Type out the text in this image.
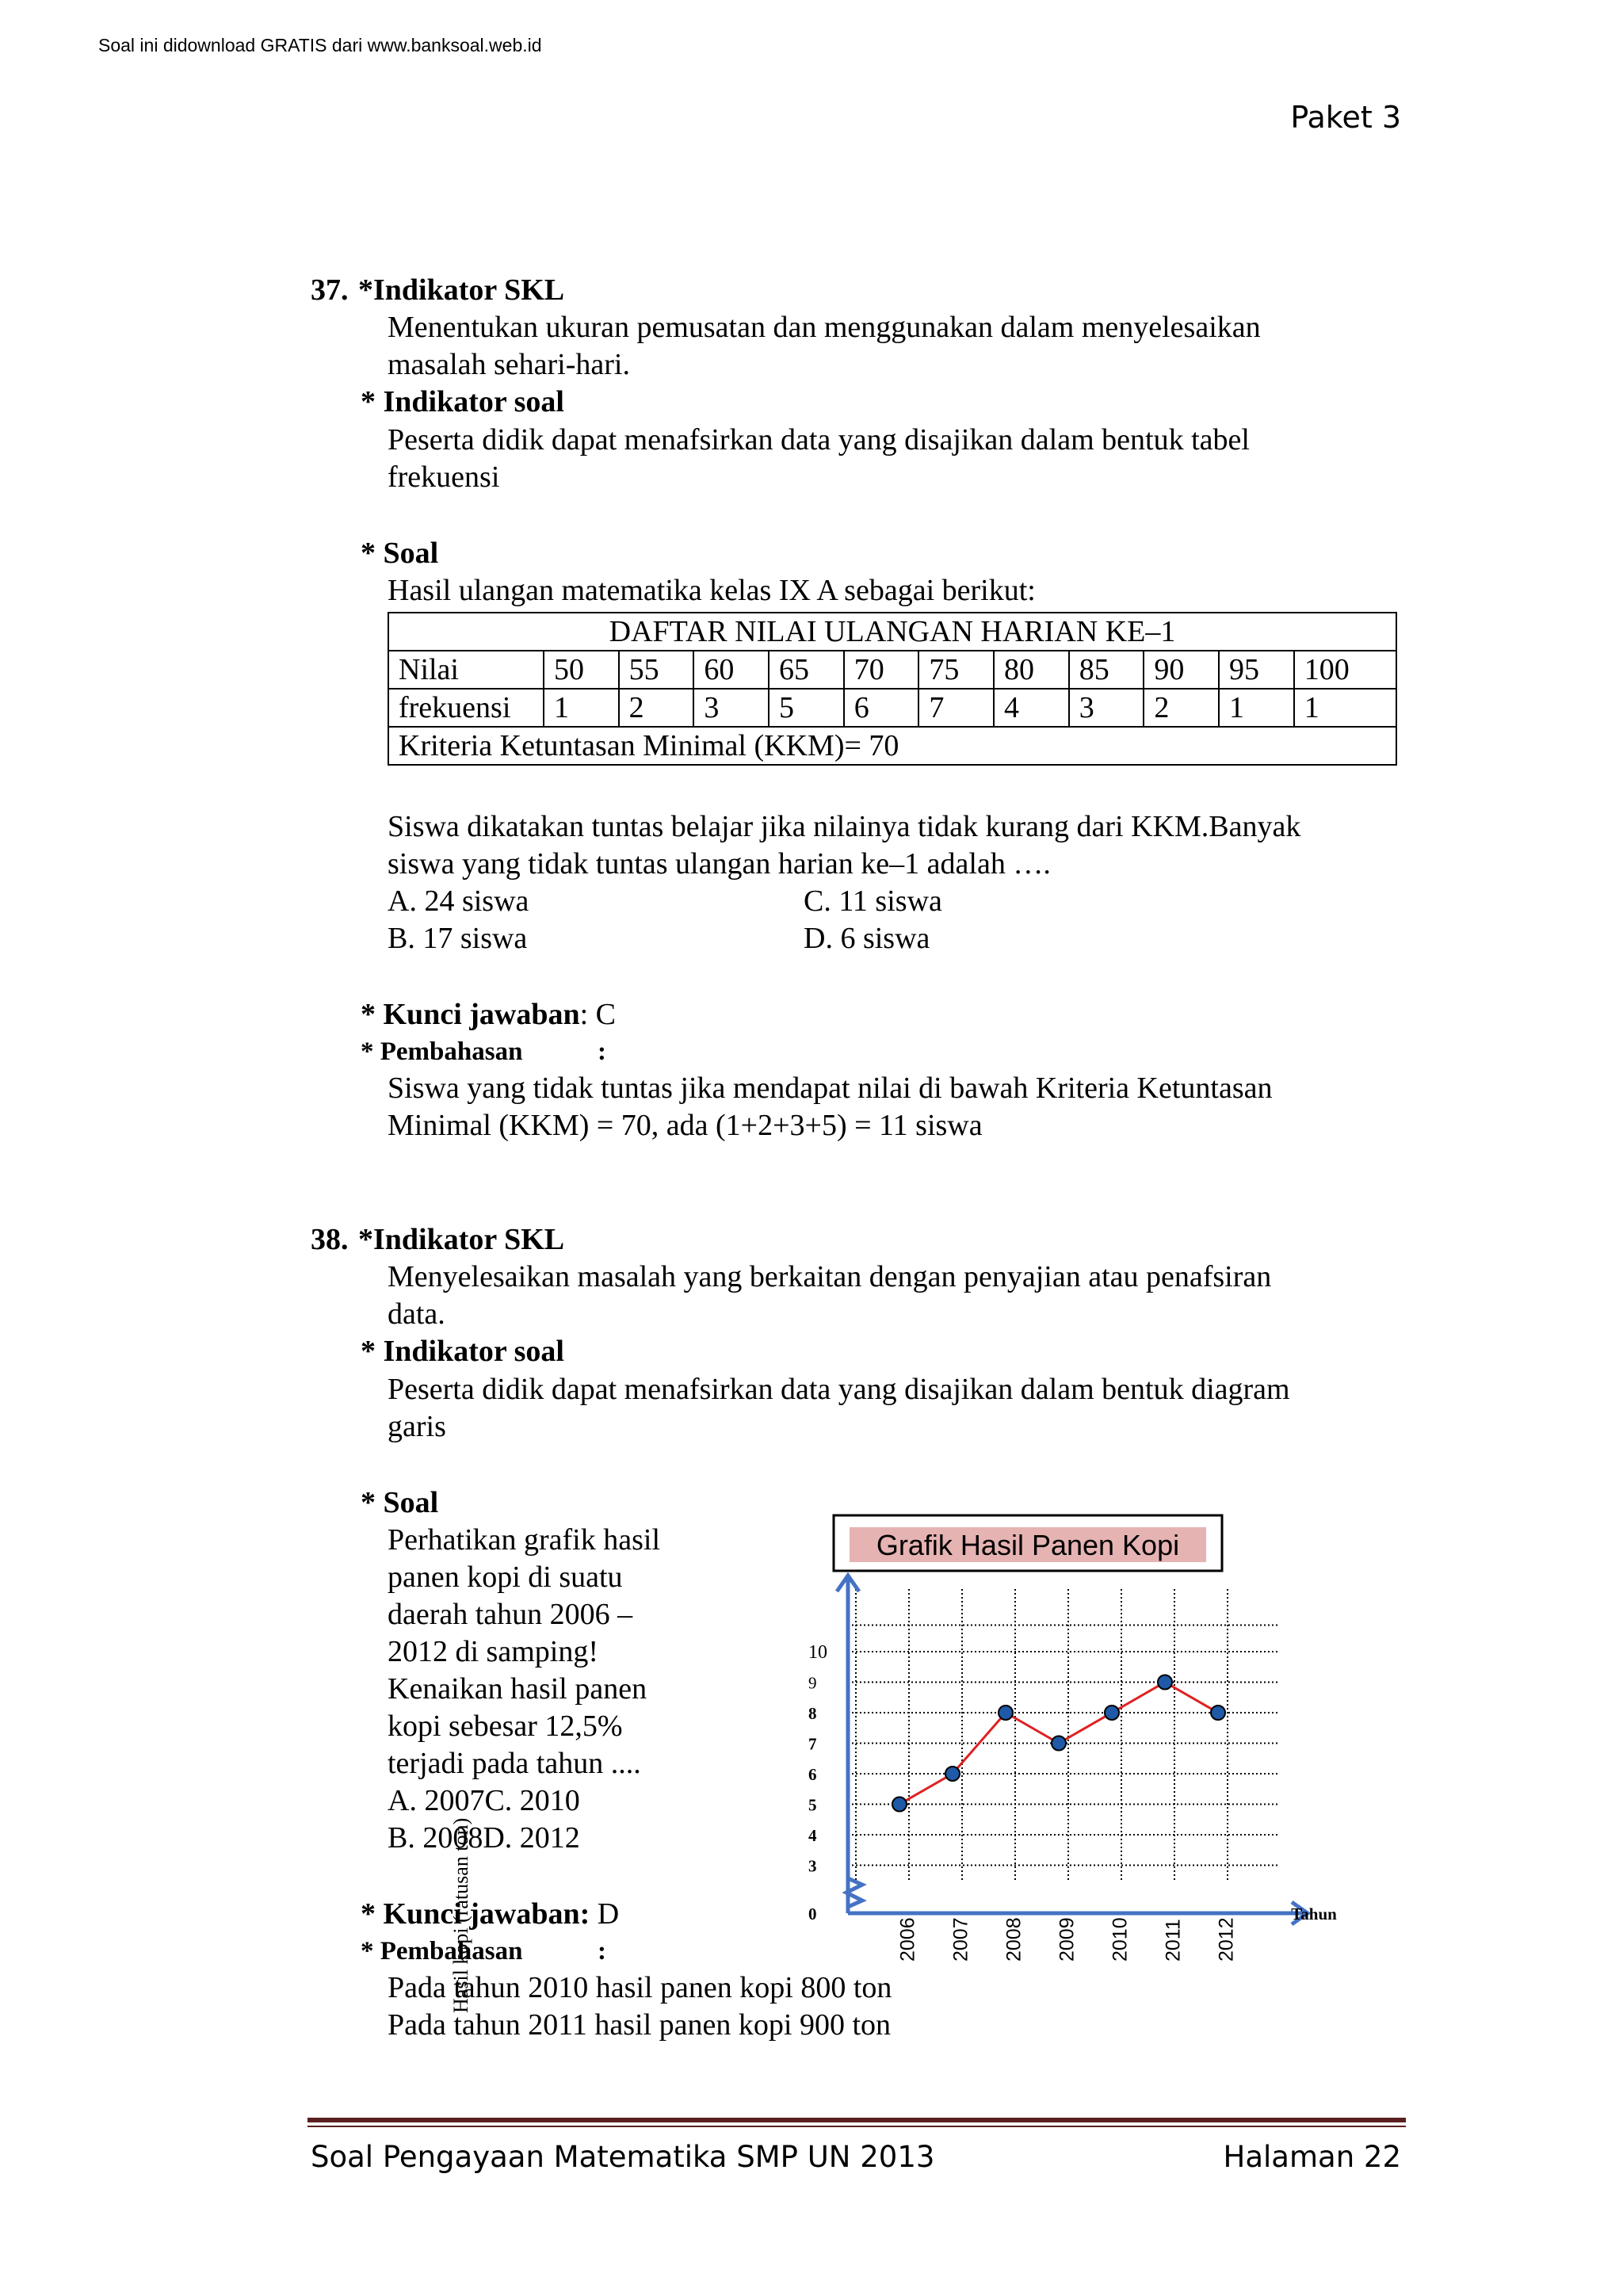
Soal ini didownload GRATIS dari www.banksoal.web.id
Paket 3
37. *Indikator SKL
Menentukan ukuran pemusatan dan menggunakan dalam menyelesaikan
masalah sehari-hari.
* Indikator soal
Peserta didik dapat menafsirkan data yang disajikan dalam bentuk tabel
frekuensi
* Soal
Hasil ulangan matematika kelas IX A sebagai berikut:
DAFTAR NILAI ULANGAN HARIAN KE–1											
Nilai	50	55	60	65	70	75	80	85	90	95	100
frekuensi	1	2	3	5	6	7	4	3	2	1	1
Kriteria Ketuntasan Minimal (KKM)= 70											
Siswa dikatakan tuntas belajar jika nilainya tidak kurang dari KKM.Banyak
siswa yang tidak tuntas ulangan harian ke–1 adalah ….
A. 24 siswa	C. 11 siswa
B. 17 siswa	D. 6 siswa
* Kunci jawaban: C
* Pembahasan	:
Siswa yang tidak tuntas jika mendapat nilai di bawah Kriteria Ketuntasan
Minimal (KKM) = 70, ada (1+2+3+5) = 11 siswa
38. *Indikator SKL
Menyelesaikan masalah yang berkaitan dengan penyajian atau penafsiran
data.
* Indikator soal
Peserta didik dapat menafsirkan data yang disajikan dalam bentuk diagram
garis
* Soal
Perhatikan grafik hasil
panen kopi di suatu
daerah tahun 2006 –
2012 di samping!
Kenaikan hasil panen
kopi sebesar 12,5%
terjadi pada tahun ....
A. 2007C. 2010
B. 2008D. 2012
* Kunci jawaban: D
* Pembahasan	:
Pada tahun 2010 hasil panen kopi 800 ton
Pada tahun 2011 hasil panen kopi 900 ton
Grafik Hasil Panen Kopi
0
3
4
5
6
7
8
9
10
2006 2007 2008 2009 2010 2011 2012
Hasil kopi (ratusan ton)	Tahun
Soal Pengayaan Matematika SMP UN 2013	Halaman 22
